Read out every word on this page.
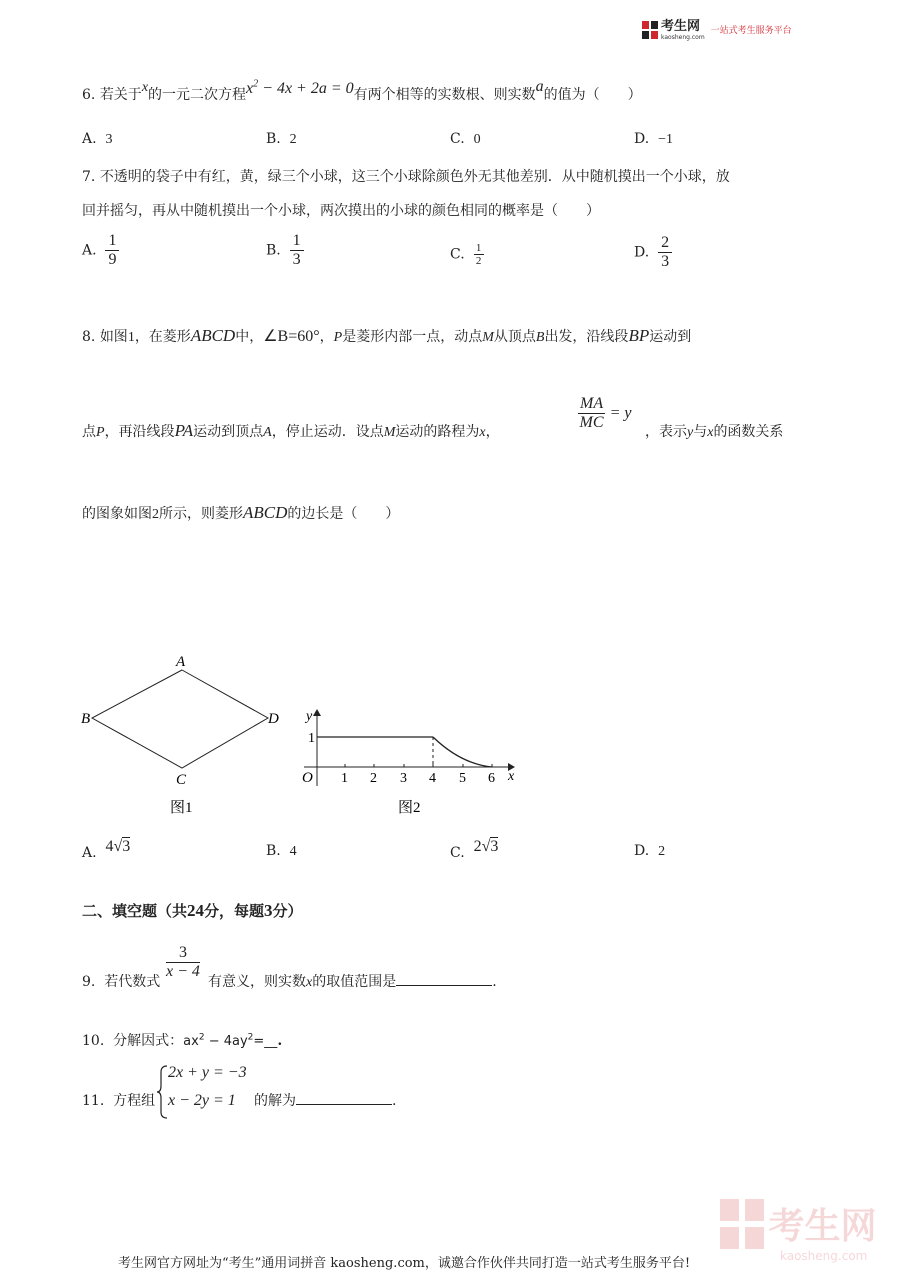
考生网
kaosheng.com
一站式考生服务平台
6. 若关于x的一元二次方程$x^2 - 4x + 2a = 0$有两个相等的实数根、则实数a的值为（　　）
A. 3	B. 2	C. 0	D. −1
7. 不透明的袋子中有红，黄，绿三个小球，这三个小球除颜色外无其他差别．从中随机摸出一个小球，放
回并摇匀，再从中随机摸出一个小球，两次摸出的小球的颜色相同的概率是（　　）
A. $\frac{1}{9}$	B. $\frac{1}{3}$	C. $\frac{1}{2}$	D. $\frac{2}{3}$
8. 如图1，在菱形ABCD中，∠B=60°，P是菱形内部一点，动点M从顶点B出发，沿线段BP运动到
点P，再沿线段PA运动到顶点A，停止运动．设点M运动的路程为x，	$\frac{MA}{MC} = y$
，表示y与x的函数关系
的图象如图2所示，则菱形ABCD的边长是（　　）
A
B
C
D
图1
y
x
O
1
1 2 3 4 5 6
图2
A. 4√3	B. 4	C. 2√3	D. 2
二、填空题（共24分，每题3分）
9. 若代数式
$\frac{3}{x - 4}$
有意义，则实数x的取值范围是	.
10. 分解因式：$ax^2$ − $4ay^2=\_\_$.
11. 方程组
2x + y = −3
x − 2y = 1 的解为	.
考生网
kaosheng.com
考生网官方网址为“考生”通用词拼音 kaosheng.com，诚邀合作伙伴共同打造一站式考生服务平台!
